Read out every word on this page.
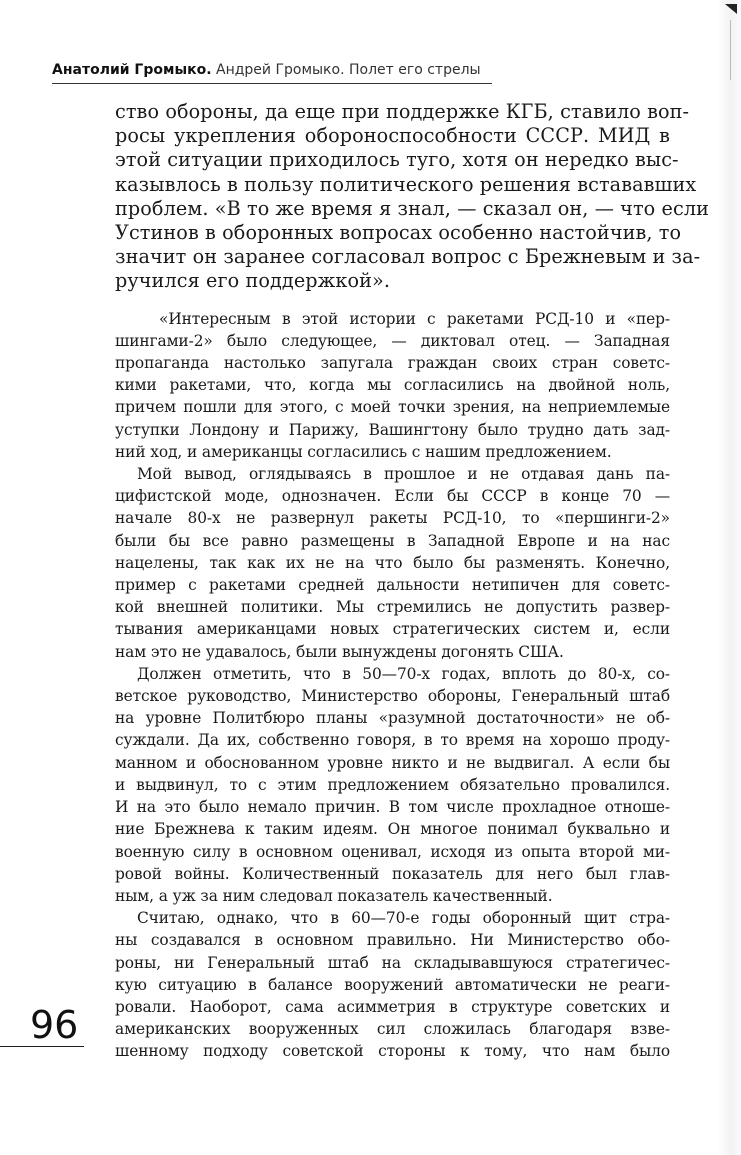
Анатолий Громыко. Андрей Громыко. Полет его стрелы

ство обороны, да еще при поддержке КГБ, ставило воп-
росы укрепления обороноспособности СССР. МИД в
этой ситуации приходилось туго, хотя он нередко выс-
казывлось в пользу политического решения встававших
проблем. «В то же время я знал, — сказал он, — что если
Устинов в оборонных вопросах особенно настойчив, то
значит он заранее согласовал вопрос с Брежневым и за-
ручился его поддержкой».

«Интересным в этой истории с ракетами РСД-10 и «пер-
шингами-2» было следующее, — диктовал отец. — Западная
пропаганда настолько запугала граждан своих стран советс-
кими ракетами, что, когда мы согласились на двойной ноль,
причем пошли для этого, с моей точки зрения, на неприемлемые
уступки Лондону и Парижу, Вашингтону было трудно дать зад-
ний ход, и американцы согласились с нашим предложением.

Мой вывод, оглядываясь в прошлое и не отдавая дань па-
цифистской моде, однозначен. Если бы СССР в конце 70 —
начале 80-х не развернул ракеты РСД-10, то «першинги-2»
были бы все равно размещены в Западной Европе и на нас
нацелены, так как их не на что было бы разменять. Конечно,
пример с ракетами средней дальности нетипичен для советс-
кой внешней политики. Мы стремились не допустить развер-
тывания американцами новых стратегических систем и, если
нам это не удавалось, были вынуждены догонять США.

Должен отметить, что в 50—70-х годах, вплоть до 80-х, со-
ветское руководство, Министерство обороны, Генеральный штаб
на уровне Политбюро планы «разумной достаточности» не об-
суждали. Да их, собственно говоря, в то время на хорошо проду-
манном и обоснованном уровне никто и не выдвигал. А если бы
и выдвинул, то с этим предложением обязательно провалился.
И на это было немало причин. В том числе прохладное отноше-
ние Брежнева к таким идеям. Он многое понимал буквально и
военную силу в основном оценивал, исходя из опыта второй ми-
ровой войны. Количественный показатель для него был глав-
ным, а уж за ним следовал показатель качественный.

Считаю, однако, что в 60—70-е годы оборонный щит стра-
ны создавался в основном правильно. Ни Министерство обо-
роны, ни Генеральный штаб на складывавшуюся стратегичес-
кую ситуацию в балансе вооружений автоматически не реаги-
ровали. Наоборот, сама асимметрия в структуре советских и
американских вооруженных сил сложилась благодаря взве-
шенному подходу советской стороны к тому, что нам было

96
